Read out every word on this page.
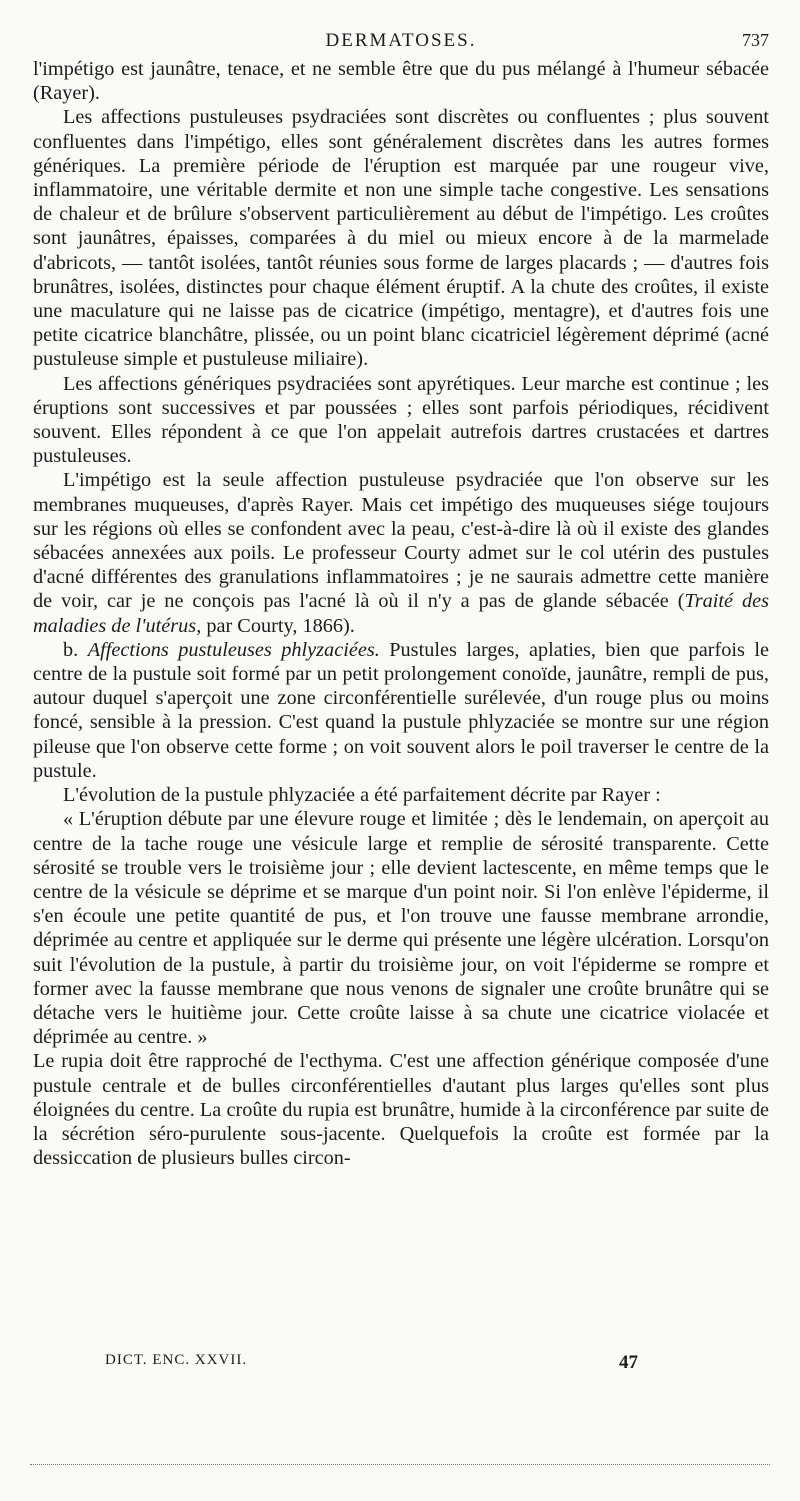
DERMATOSES.	737

l'impétigo est jaunâtre, tenace, et ne semble être que du pus mélangé à l'humeur sébacée (Rayer).

Les affections pustuleuses psydraciées sont discrètes ou confluentes ; plus souvent confluentes dans l'impétigo, elles sont généralement discrètes dans les autres formes génériques. La première période de l'éruption est marquée par une rougeur vive, inflammatoire, une véritable dermite et non une simple tache congestive. Les sensations de chaleur et de brûlure s'observent particulièrement au début de l'impétigo. Les croûtes sont jaunâtres, épaisses, comparées à du miel ou mieux encore à de la marmelade d'abricots, — tantôt isolées, tantôt réunies sous forme de larges placards ; — d'autres fois brunâtres, isolées, distinctes pour chaque élément éruptif. A la chute des croûtes, il existe une maculature qui ne laisse pas de cicatrice (impétigo, mentagre), et d'autres fois une petite cicatrice blanchâtre, plissée, ou un point blanc cicatriciel légèrement déprimé (acné pustuleuse simple et pustuleuse miliaire).

Les affections génériques psydraciées sont apyrétiques. Leur marche est continue ; les éruptions sont successives et par poussées ; elles sont parfois périodiques, récidivent souvent. Elles répondent à ce que l'on appelait autrefois dartres crustacées et dartres pustuleuses.

L'impétigo est la seule affection pustuleuse psydraciée que l'on observe sur les membranes muqueuses, d'après Rayer. Mais cet impétigo des muqueuses siége toujours sur les régions où elles se confondent avec la peau, c'est-à-dire là où il existe des glandes sébacées annexées aux poils. Le professeur Courty admet sur le col utérin des pustules d'acné différentes des granulations inflammatoires ; je ne saurais admettre cette manière de voir, car je ne conçois pas l'acné là où il n'y a pas de glande sébacée (Traité des maladies de l'utérus, par Courty, 1866).

b. Affections pustuleuses phlyzaciées. Pustules larges, aplaties, bien que parfois le centre de la pustule soit formé par un petit prolongement conoïde, jaunâtre, rempli de pus, autour duquel s'aperçoit une zone circonférentielle surélevée, d'un rouge plus ou moins foncé, sensible à la pression. C'est quand la pustule phlyzaciée se montre sur une région pileuse que l'on observe cette forme ; on voit souvent alors le poil traverser le centre de la pustule.

L'évolution de la pustule phlyzaciée a été parfaitement décrite par Rayer :

« L'éruption débute par une élevure rouge et limitée ; dès le lendemain, on aperçoit au centre de la tache rouge une vésicule large et remplie de sérosité transparente. Cette sérosité se trouble vers le troisième jour ; elle devient lactescente, en même temps que le centre de la vésicule se déprime et se marque d'un point noir. Si l'on enlève l'épiderme, il s'en écoule une petite quantité de pus, et l'on trouve une fausse membrane arrondie, déprimée au centre et appliquée sur le derme qui présente une légère ulcération. Lorsqu'on suit l'évolution de la pustule, à partir du troisième jour, on voit l'épiderme se rompre et former avec la fausse membrane que nous venons de signaler une croûte brunâtre qui se détache vers le huitième jour. Cette croûte laisse à sa chute une cicatrice violacée et déprimée au centre. »

Le rupia doit être rapproché de l'ecthyma. C'est une affection générique composée d'une pustule centrale et de bulles circonférentielles d'autant plus larges qu'elles sont plus éloignées du centre. La croûte du rupia est brunâtre, humide à la circonférence par suite de la sécrétion séro-purulente sous-jacente. Quelquefois la croûte est formée par la dessiccation de plusieurs bulles circon-

DICT. ENC. XXVII.	47
